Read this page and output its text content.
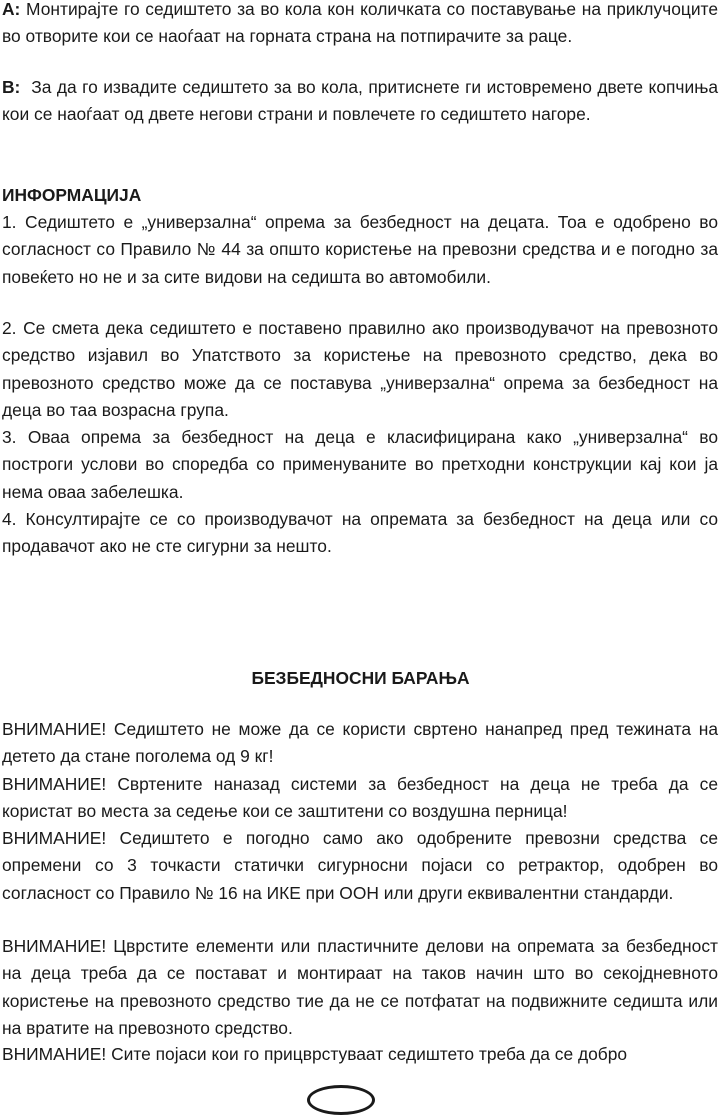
A: Монтирајте го седиштето за во кола кон количката со поставување на приклучоците во отворите кои се наоѓаат на горната страна на потпирачите за раце.

B: За да го извадите седиштето за во кола, притиснете ги истовремено двете копчиња кои се наоѓаат од двете негови страни и повлечете го седиштето нагоре.

ИНФОРМАЦИЈА

1. Седиштето е „универзална“ опрема за безбедност на децата. Тоа е одобрено во согласност со Правило № 44 за општо користење на превозни средства и е погодно за повеќето но не и за сите видови на седишта во автомобили.

2. Се смета дека седиштето е поставено правилно ако производувачот на превозното средство изјавил во Упатството за користење на превозното средство, дека во превозното средство може да се поставува „универзална“ опрема за безбедност на деца во таа возрасна група.

3. Оваа опрема за безбедност на деца е класифицирана како „универзална“ во построги услови во споредба со применуваните во претходни конструкции кај кои ја нема оваа забелешка.

4. Консултирајте се со производувачот на опремата за безбедност на деца или со продавачот ако не сте сигурни за нешто.

БЕЗБЕДНОСНИ БАРАЊА

ВНИМАНИЕ! Седиштето не може да се користи свртено нанапред пред тежината на детето да стане поголема од 9 кг!

ВНИМАНИЕ! Свртените наназад системи за безбедност на деца не треба да се користат во места за седење кои се заштитени со воздушна перница!

ВНИМАНИЕ! Седиштето е погодно само ако одобрените превозни средства се опремени со 3 точкасти статички сигурносни појаси со ретрактор, одобрен во согласност со Правило № 16 на ИКЕ при ООН или други еквивалентни стандарди.

ВНИМАНИЕ! Цврстите елементи или пластичните делови на опремата за безбедност на деца треба да се поставaт и монтираат на таков начин што во секојдневното користење на превозното средство тие да не се потфатат на подвижните седишта или на вратите на превозното средство.

ВНИМАНИЕ! Сите појаси кои го прицврстуваат седиштето треба да се добро
